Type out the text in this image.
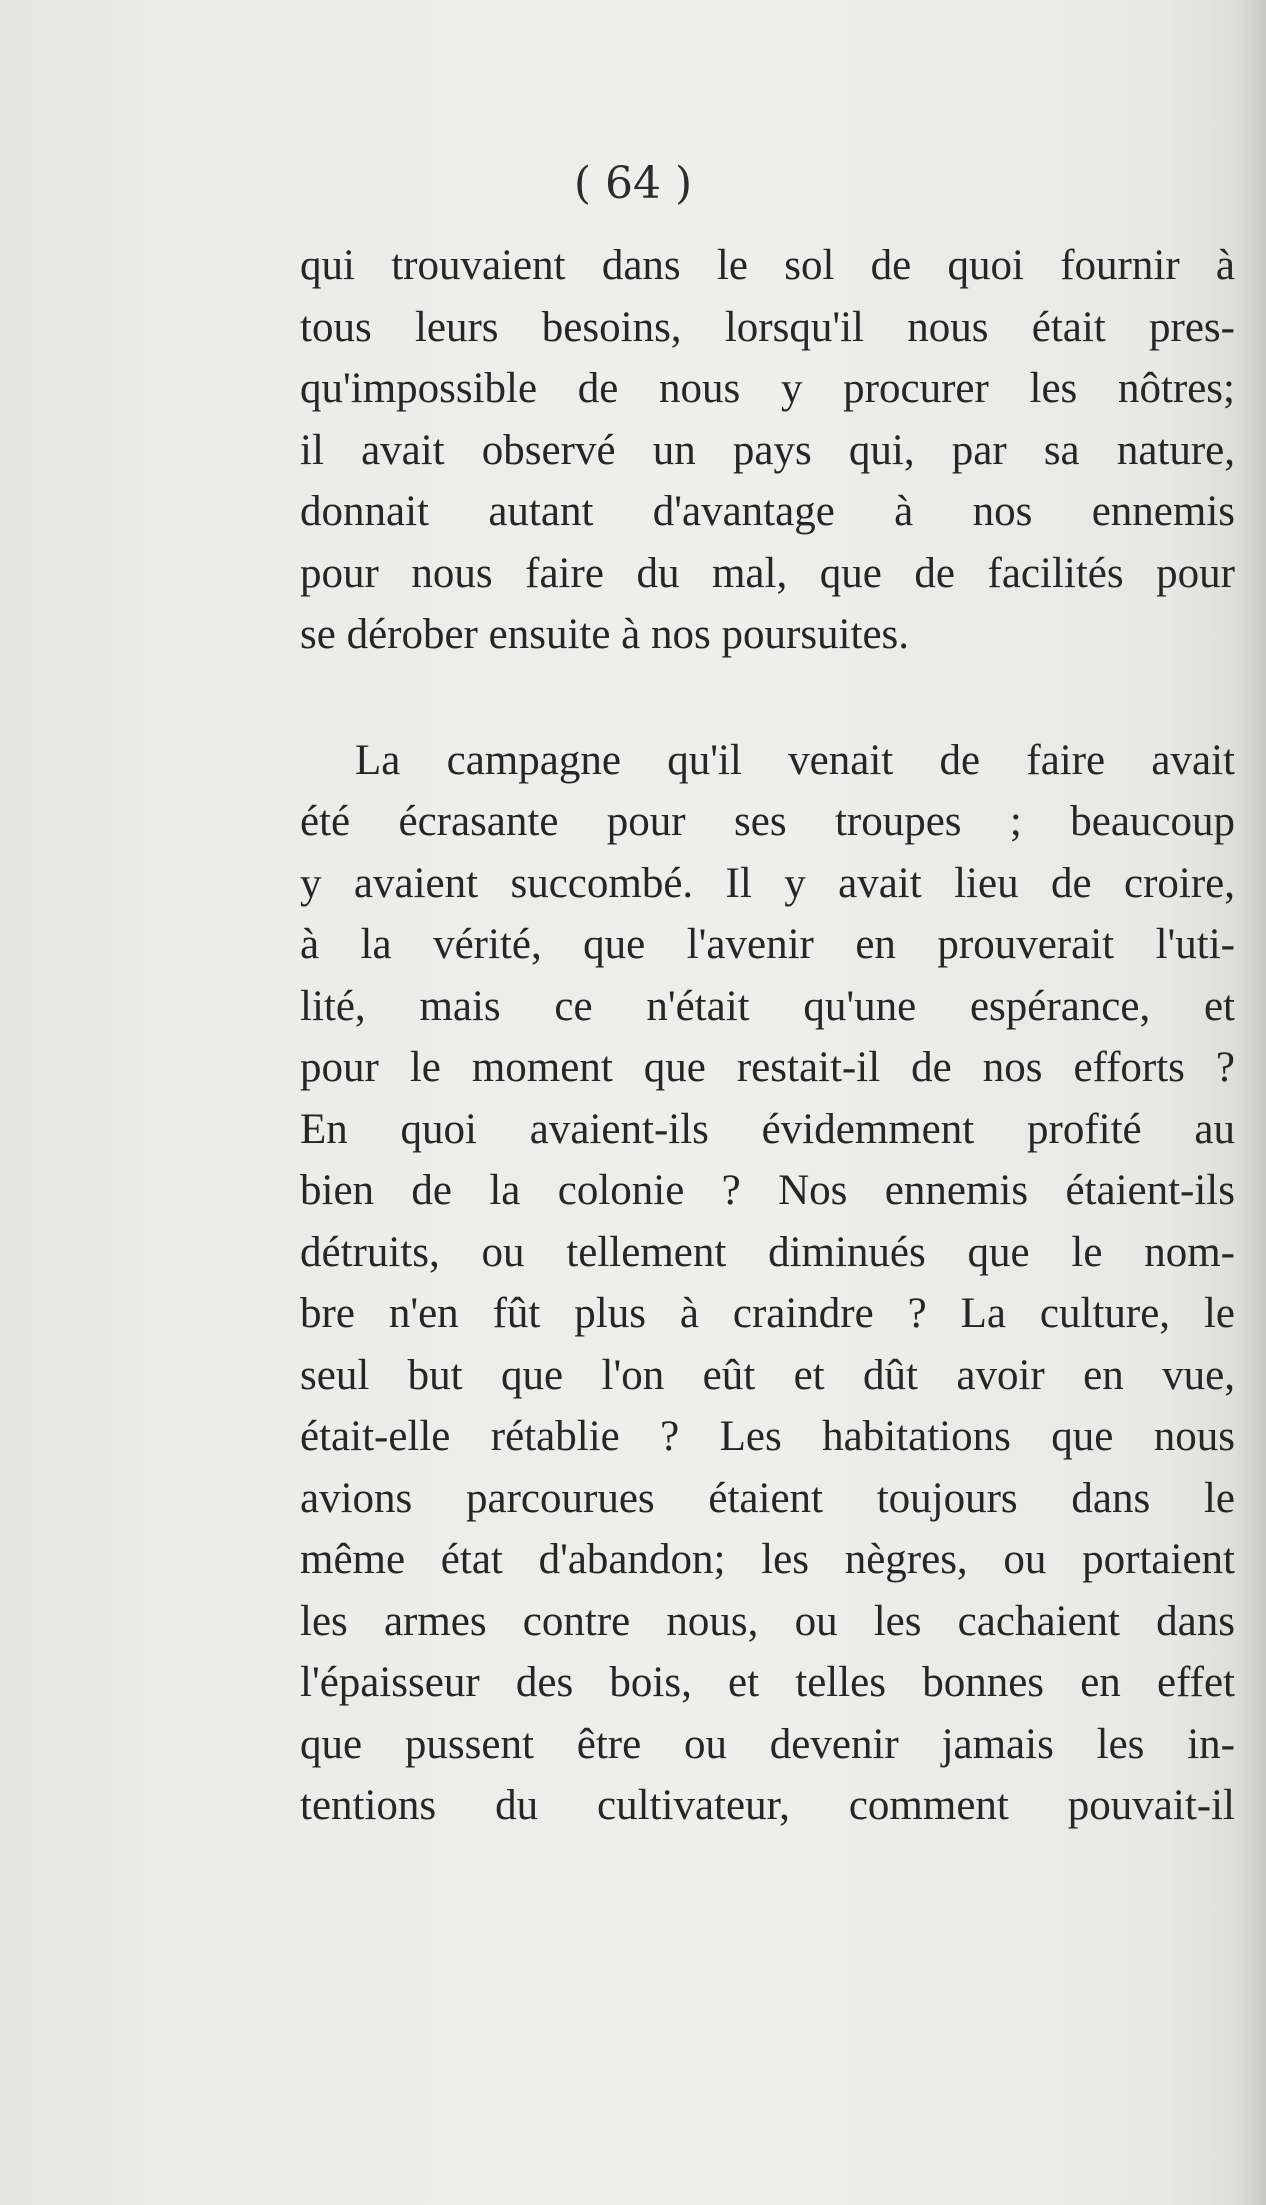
( 64 )

qui trouvaient dans le sol de quoi fournir à
tous leurs besoins, lorsqu'il nous était pres-
qu'impossible de nous y procurer les nôtres;
il avait observé un pays qui, par sa nature,
donnait autant d'avantage à nos ennemis
pour nous faire du mal, que de facilités pour
se dérober ensuite à nos poursuites.

La campagne qu'il venait de faire avait
été écrasante pour ses troupes ; beaucoup
y avaient succombé. Il y avait lieu de croire,
à la vérité, que l'avenir en prouverait l'uti-
lité, mais ce n'était qu'une espérance, et
pour le moment que restait-il de nos efforts ?
En quoi avaient-ils évidemment profité au
bien de la colonie ? Nos ennemis étaient-ils
détruits, ou tellement diminués que le nom-
bre n'en fût plus à craindre ? La culture, le
seul but que l'on eût et dût avoir en vue,
était-elle rétablie ? Les habitations que nous
avions parcourues étaient toujours dans le
même état d'abandon; les nègres, ou portaient
les armes contre nous, ou les cachaient dans
l'épaisseur des bois, et telles bonnes en effet
que pussent être ou devenir jamais les in-
tentions du cultivateur, comment pouvait-il
